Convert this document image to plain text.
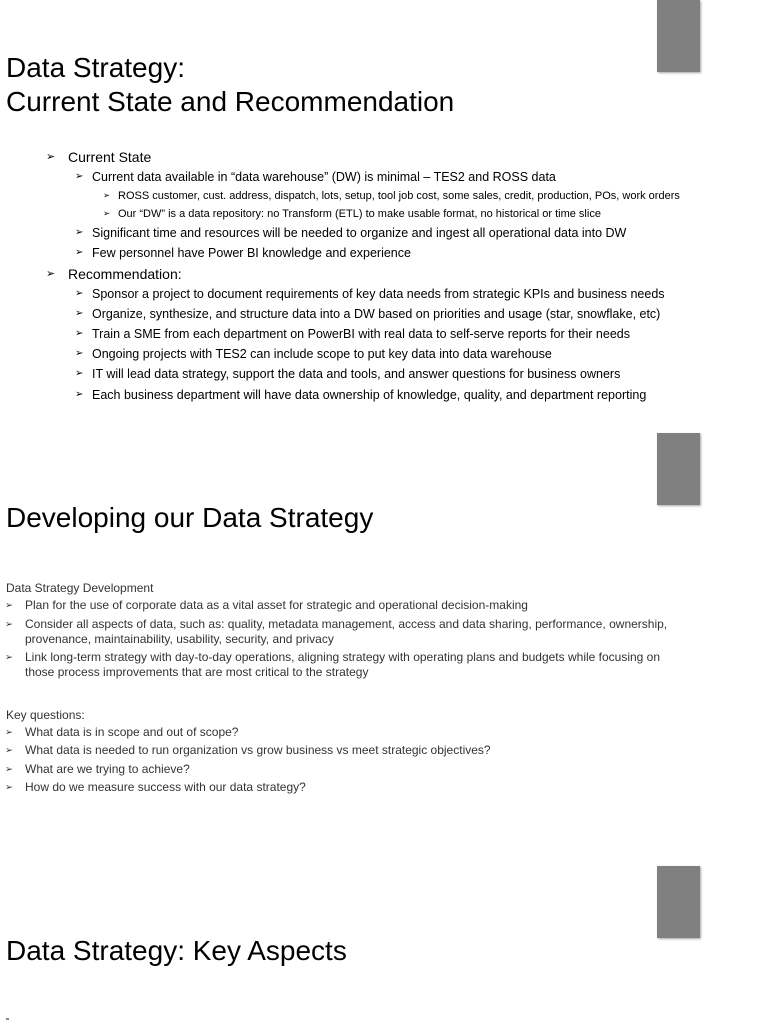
Data Strategy:
Current State and Recommendation
➢ Current State
➢ Current data available in “data warehouse” (DW) is minimal – TES2 and ROSS data
➢ ROSS customer, cust. address, dispatch, lots, setup, tool job cost, some sales, credit, production, POs, work orders
➢ Our “DW” is a data repository: no Transform (ETL) to make usable format, no historical or time slice
➢ Significant time and resources will be needed to organize and ingest all operational data into DW
➢ Few personnel have Power BI knowledge and experience
➢ Recommendation:
➢ Sponsor a project to document requirements of key data needs from strategic KPIs and business needs
➢ Organize, synthesize, and structure data into a DW based on priorities and usage (star, snowflake, etc)
➢ Train a SME from each department on PowerBI with real data to self-serve reports for their needs
➢ Ongoing projects with TES2 can include scope to put key data into data warehouse
➢ IT will lead data strategy, support the data and tools, and answer questions for business owners
➢ Each business department will have data ownership of knowledge, quality, and department reporting
Developing our Data Strategy
Data Strategy Development
➢ Plan for the use of corporate data as a vital asset for strategic and operational decision-making
➢ Consider all aspects of data, such as: quality, metadata management, access and data sharing, performance, ownership,
provenance, maintainability, usability, security, and privacy
➢ Link long-term strategy with day-to-day operations, aligning strategy with operating plans and budgets while focusing on
those process improvements that are most critical to the strategy
Key questions:
➢ What data is in scope and out of scope?
➢ What data is needed to run organization vs grow business vs meet strategic objectives?
➢ What are we trying to achieve?
➢ How do we measure success with our data strategy?
Data Strategy: Key Aspects
